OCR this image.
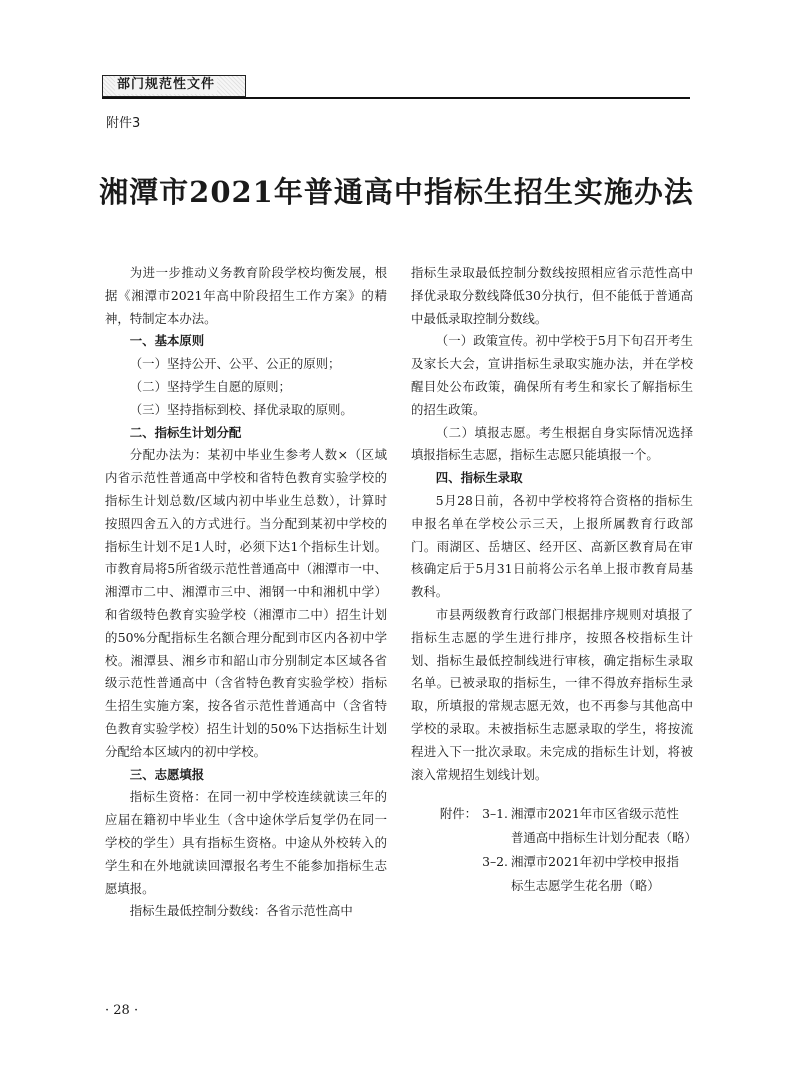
部门规范性文件
附件3
湘潭市2021年普通高中指标生招生实施办法

为进一步推动义务教育阶段学校均衡发展，根据《湘潭市2021年高中阶段招生工作方案》的精神，特制定本办法。

一、基本原则

（一）坚持公开、公平、公正的原则；

（二）坚持学生自愿的原则；

（三）坚持指标到校、择优录取的原则。

二、指标生计划分配

分配办法为：某初中毕业生参考人数×（区域内省示范性普通高中学校和省特色教育实验学校的指标生计划总数/区域内初中毕业生总数），计算时按照四舍五入的方式进行。当分配到某初中学校的指标生计划不足1人时，必须下达1个指标生计划。市教育局将5所省级示范性普通高中（湘潭市一中、湘潭市二中、湘潭市三中、湘钢一中和湘机中学）和省级特色教育实验学校（湘潭市二中）招生计划的50%分配指标生名额合理分配到市区内各初中学校。湘潭县、湘乡市和韶山市分别制定本区域各省级示范性普通高中（含省特色教育实验学校）指标生招生实施方案，按各省示范性普通高中（含省特色教育实验学校）招生计划的50%下达指标生计划分配给本区域内的初中学校。

三、志愿填报

指标生资格：在同一初中学校连续就读三年的应届在籍初中毕业生（含中途休学后复学仍在同一学校的学生）具有指标生资格。中途从外校转入的学生和在外地就读回潭报名考生不能参加指标生志愿填报。

指标生最低控制分数线：各省示范性高中

指标生录取最低控制分数线按照相应省示范性高中择优录取分数线降低30分执行，但不能低于普通高中最低录取控制分数线。

（一）政策宣传。初中学校于5月下旬召开考生及家长大会，宣讲指标生录取实施办法，并在学校醒目处公布政策，确保所有考生和家长了解指标生的招生政策。

（二）填报志愿。考生根据自身实际情况选择填报指标生志愿，指标生志愿只能填报一个。

四、指标生录取

5月28日前，各初中学校将符合资格的指标生申报名单在学校公示三天，上报所属教育行政部门。雨湖区、岳塘区、经开区、高新区教育局在审核确定后于5月31日前将公示名单上报市教育局基教科。

市县两级教育行政部门根据排序规则对填报了指标生志愿的学生进行排序，按照各校指标生计划、指标生最低控制线进行审核，确定指标生录取名单。已被录取的指标生，一律不得放弃指标生录取，所填报的常规志愿无效，也不再参与其他高中学校的录取。未被指标生志愿录取的学生，将按流程进入下一批次录取。未完成的指标生计划，将被滚入常规招生划线计划。

附件： 3–1. 湘潭市2021年市区省级示范性
普通高中指标生计划分配表（略）
3–2. 湘潭市2021年初中学校申报指
标生志愿学生花名册（略）
· 28 ·
